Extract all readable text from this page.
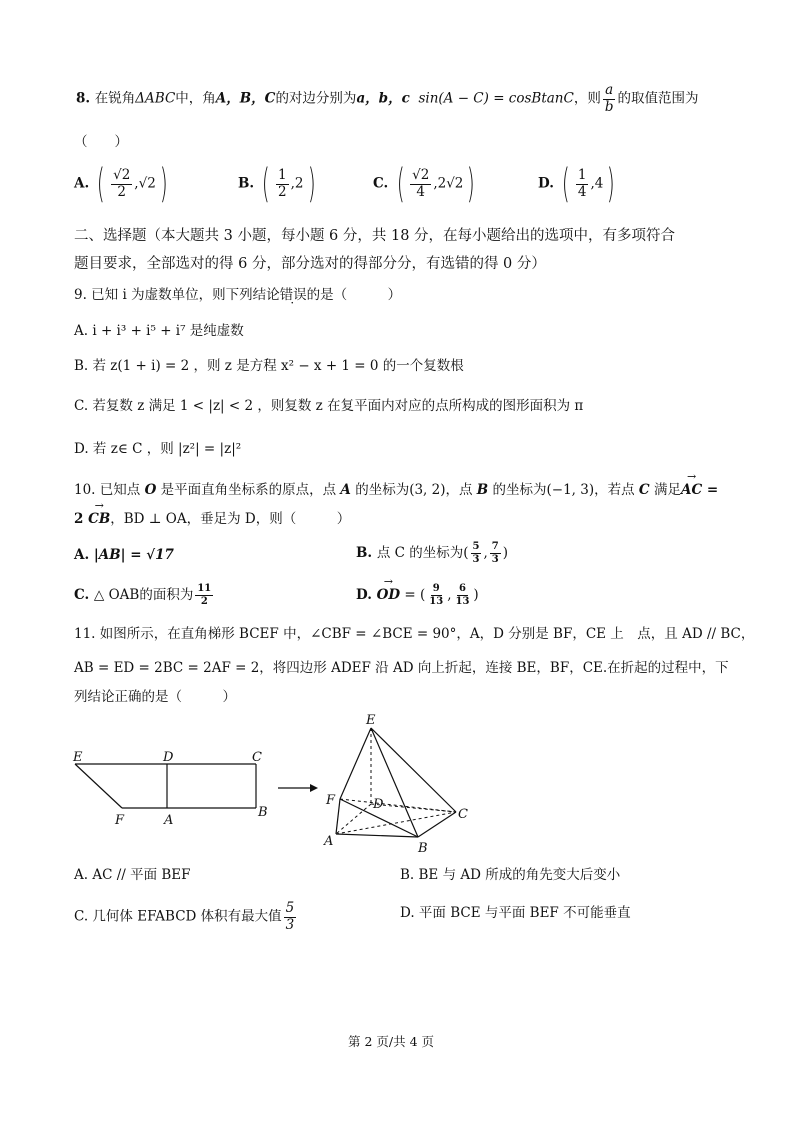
8. 在锐角ΔABC中，角A，B，C的对边分别为a，b，c sin(A − C) = cosBtanC，则 $\frac{a}{b}$ 的取值范围为
（　　）
A. ( $\frac{√2}{2} ,√2$)	B. ( $\frac{1}{2} ,2$)	C. ( $\frac{√2}{4} ,2√2$)	D. ( $\frac{1}{4} ,4$)
二、选择题（本大题共 3 小题，每小题 6 分，共 18 分，在每小题给出的选项中，有多项符合
题目要求，全部选对的得 6 分，部分选对的得部分分，有选错的得 0 分）
9. 已知 i 为虚数单位，则下列结论错误的是（　　　）
A. i + i³ + i⁵ + i⁷ 是纯虚数
B. 若 z(1 + i) = 2 ，则 z 是方程 x² − x + 1 = 0 的一个复数根
C. 若复数 z 满足 1 < |z| < 2 ，则复数 z 在复平面内对应的点所构成的图形面积为 π
D. 若 z∈ C ，则 |z²| = |z|²
10. 已知点 O 是平面直角坐标系的原点，点 A 的坐标为(3, 2)，点 B 的坐标为(−1, 3)，若点 C 满足→ AC =
2 → CB，BD ⊥ OA，垂足为 D，则（　　　）
A. |AB| = √17	B. 点 C 的坐标为( $\frac{5}{3}$ , $\frac{7}{3}$ )
C. △ OAB的面积为 $\frac{11}{2}$	D. → OD = ( $\frac{9}{13}$ , $\frac{6}{13}$ )
11. 如图所示，在直角梯形 BCEF 中，∠CBF = ∠BCE = 90°，A，D 分别是 BF，CE 上　点，且 AD // BC，
AB = ED = 2BC = 2AF = 2，将四边形 ADEF 沿 AD 向上折起，连接 BE，BF，CE.在折起的过程中，下
列结论正确的是（　　　）
E	D	C
F	A
B
E
F	D
C
A	B
A. AC // 平面 BEF	B. BE 与 AD 所成的角先变大后变小
C. 几何体 EFABCD 体积有最大值 $\frac{5}{3}$	D. 平面 BCE 与平面 BEF 不可能垂直
第 2 页/共 4 页
